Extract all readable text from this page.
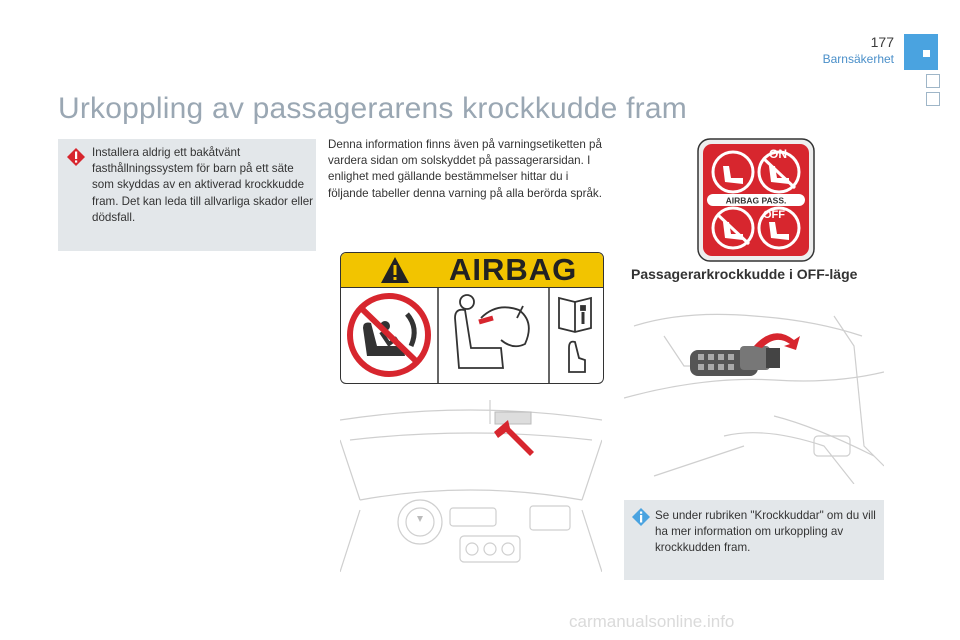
177
Barnsäkerhet
Urkoppling av passagerarens krockkudde fram
Installera aldrig ett bakåtvänt fasthållningssystem för barn på ett säte som skyddas av en aktiverad krockkudde fram. Det kan leda till allvarliga skador eller dödsfall.
Denna information finns även på varningsetiketten på vardera sidan om solskyddet på passagerarsidan. I enlighet med gällande bestämmelser hittar du i följande tabeller denna varning på alla berörda språk.
AIRBAG
AIRBAG PASS.
ON
OFF
Passagerarkrockkudde i OFF-läge
Se under rubriken "Krockkuddar" om du vill ha mer information om urkoppling av krockkudden fram.
carmanualsonline.info
